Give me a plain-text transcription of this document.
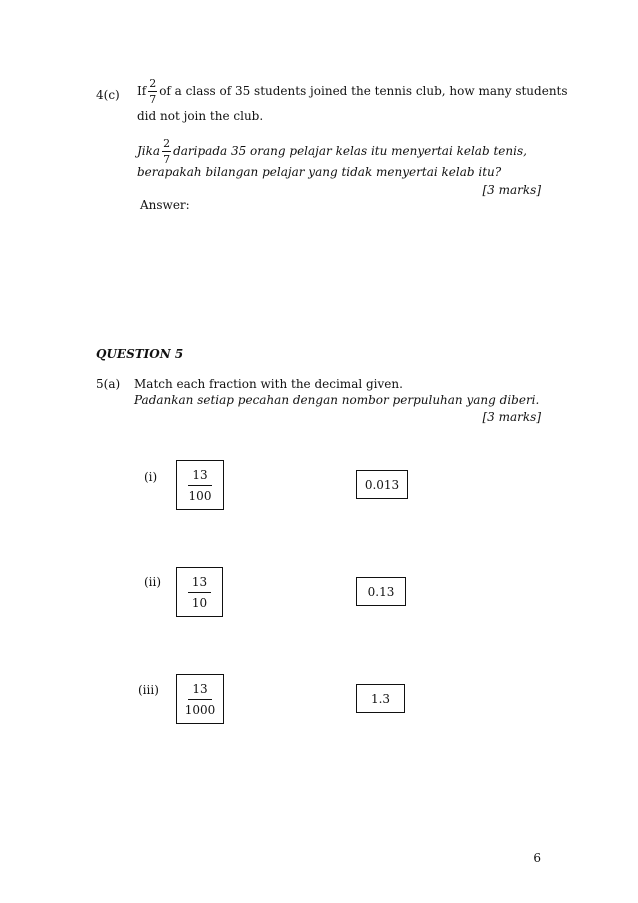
4(c) If $\frac{2}{7}$ of a class of 35 students joined the tennis club, how many students
did not join the club.
Jika $\frac{2}{7}$ daripada 35 orang pelajar kelas itu menyertai kelab tenis,
berapakah bilangan pelajar yang tidak menyertai kelab itu?
[3 marks]
Answer:
QUESTION 5
5(a) Match each fraction with the decimal given.
Padankan setiap pecahan dengan nombor perpuluhan yang diberi.
[3 marks]
(i)	$\frac{13}{100}$	0.013
$(ii) \frac{13}{10}$	0.13
$(iii) \frac{13}{1000}$	1.3
6
